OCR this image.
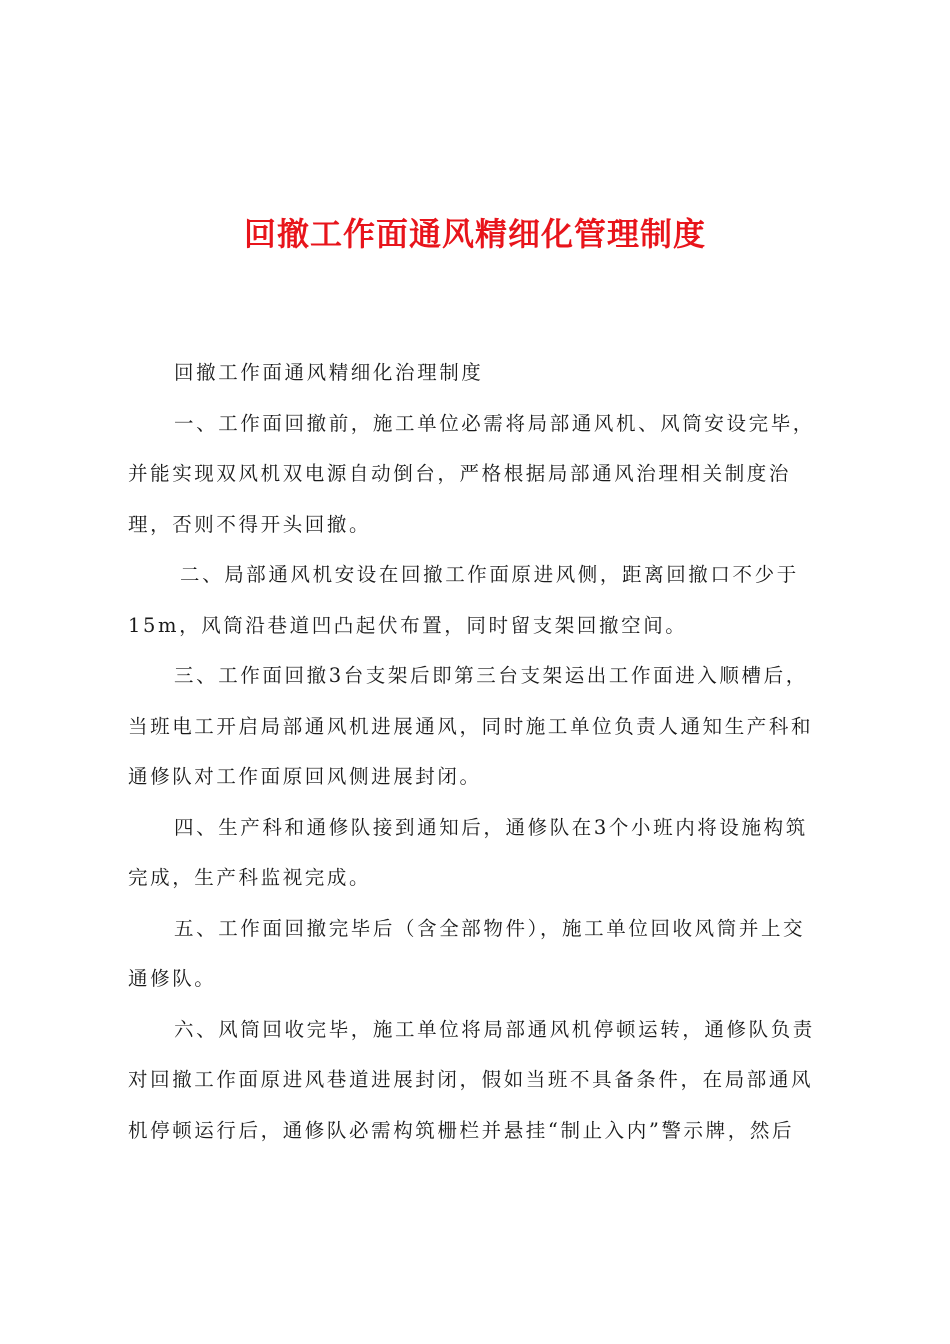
回撤工作面通风精细化管理制度

回撤工作面通风精细化治理制度

一、工作面回撤前，施工单位必需将局部通风机、风筒安设完毕，
并能实现双风机双电源自动倒台，严格根据局部通风治理相关制度治
理，否则不得开头回撤。

二、局部通风机安设在回撤工作面原进风侧，距离回撤口不少于
15m，风筒沿巷道凹凸起伏布置，同时留支架回撤空间。

三、工作面回撤3台支架后即第三台支架运出工作面进入顺槽后，
当班电工开启局部通风机进展通风，同时施工单位负责人通知生产科和
通修队对工作面原回风侧进展封闭。

四、生产科和通修队接到通知后，通修队在3个小班内将设施构筑
完成，生产科监视完成。

五、工作面回撤完毕后（含全部物件），施工单位回收风筒并上交
通修队。

六、风筒回收完毕，施工单位将局部通风机停顿运转，通修队负责
对回撤工作面原进风巷道进展封闭，假如当班不具备条件，在局部通风
机停顿运行后，通修队必需构筑栅栏并悬挂“制止入内”警示牌，然后
